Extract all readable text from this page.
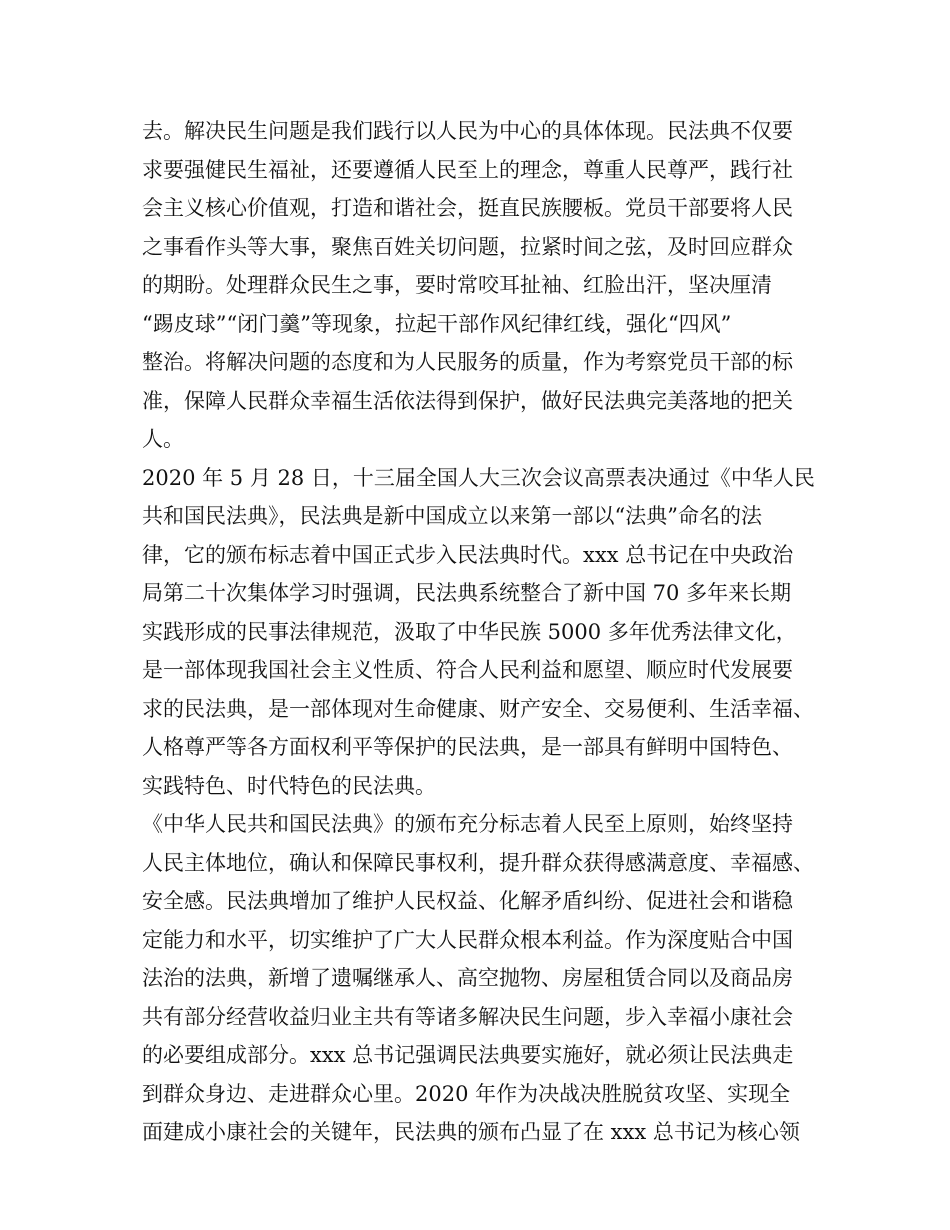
去。解决民生问题是我们践行以人民为中心的具体体现。民法典不仅要
求要强健民生福祉，还要遵循人民至上的理念，尊重人民尊严，践行社
会主义核心价值观，打造和谐社会，挺直民族腰板。党员干部要将人民
之事看作头等大事，聚焦百姓关切问题，拉紧时间之弦，及时回应群众
的期盼。处理群众民生之事，要时常咬耳扯袖、红脸出汗，坚决厘清
“踢皮球”“闭门羹”等现象，拉起干部作风纪律红线，强化“四风”
整治。将解决问题的态度和为人民服务的质量，作为考察党员干部的标
准，保障人民群众幸福生活依法得到保护，做好民法典完美落地的把关
人。
2020 年 5 月 28 日，十三届全国人大三次会议高票表决通过《中华人民
共和国民法典》，民法典是新中国成立以来第一部以“法典”命名的法
律，它的颁布标志着中国正式步入民法典时代。xxx 总书记在中央政治
局第二十次集体学习时强调，民法典系统整合了新中国 70 多年来长期
实践形成的民事法律规范，汲取了中华民族 5000 多年优秀法律文化，
是一部体现我国社会主义性质、符合人民利益和愿望、顺应时代发展要
求的民法典，是一部体现对生命健康、财产安全、交易便利、生活幸福、
人格尊严等各方面权利平等保护的民法典，是一部具有鲜明中国特色、
实践特色、时代特色的民法典。
《中华人民共和国民法典》的颁布充分标志着人民至上原则，始终坚持
人民主体地位，确认和保障民事权利，提升群众获得感满意度、幸福感、
安全感。民法典增加了维护人民权益、化解矛盾纠纷、促进社会和谐稳
定能力和水平，切实维护了广大人民群众根本利益。作为深度贴合中国
法治的法典，新增了遗嘱继承人、高空抛物、房屋租赁合同以及商品房
共有部分经营收益归业主共有等诸多解决民生问题，步入幸福小康社会
的必要组成部分。xxx 总书记强调民法典要实施好，就必须让民法典走
到群众身边、走进群众心里。2020 年作为决战决胜脱贫攻坚、实现全
面建成小康社会的关键年，民法典的颁布凸显了在 xxx 总书记为核心领
